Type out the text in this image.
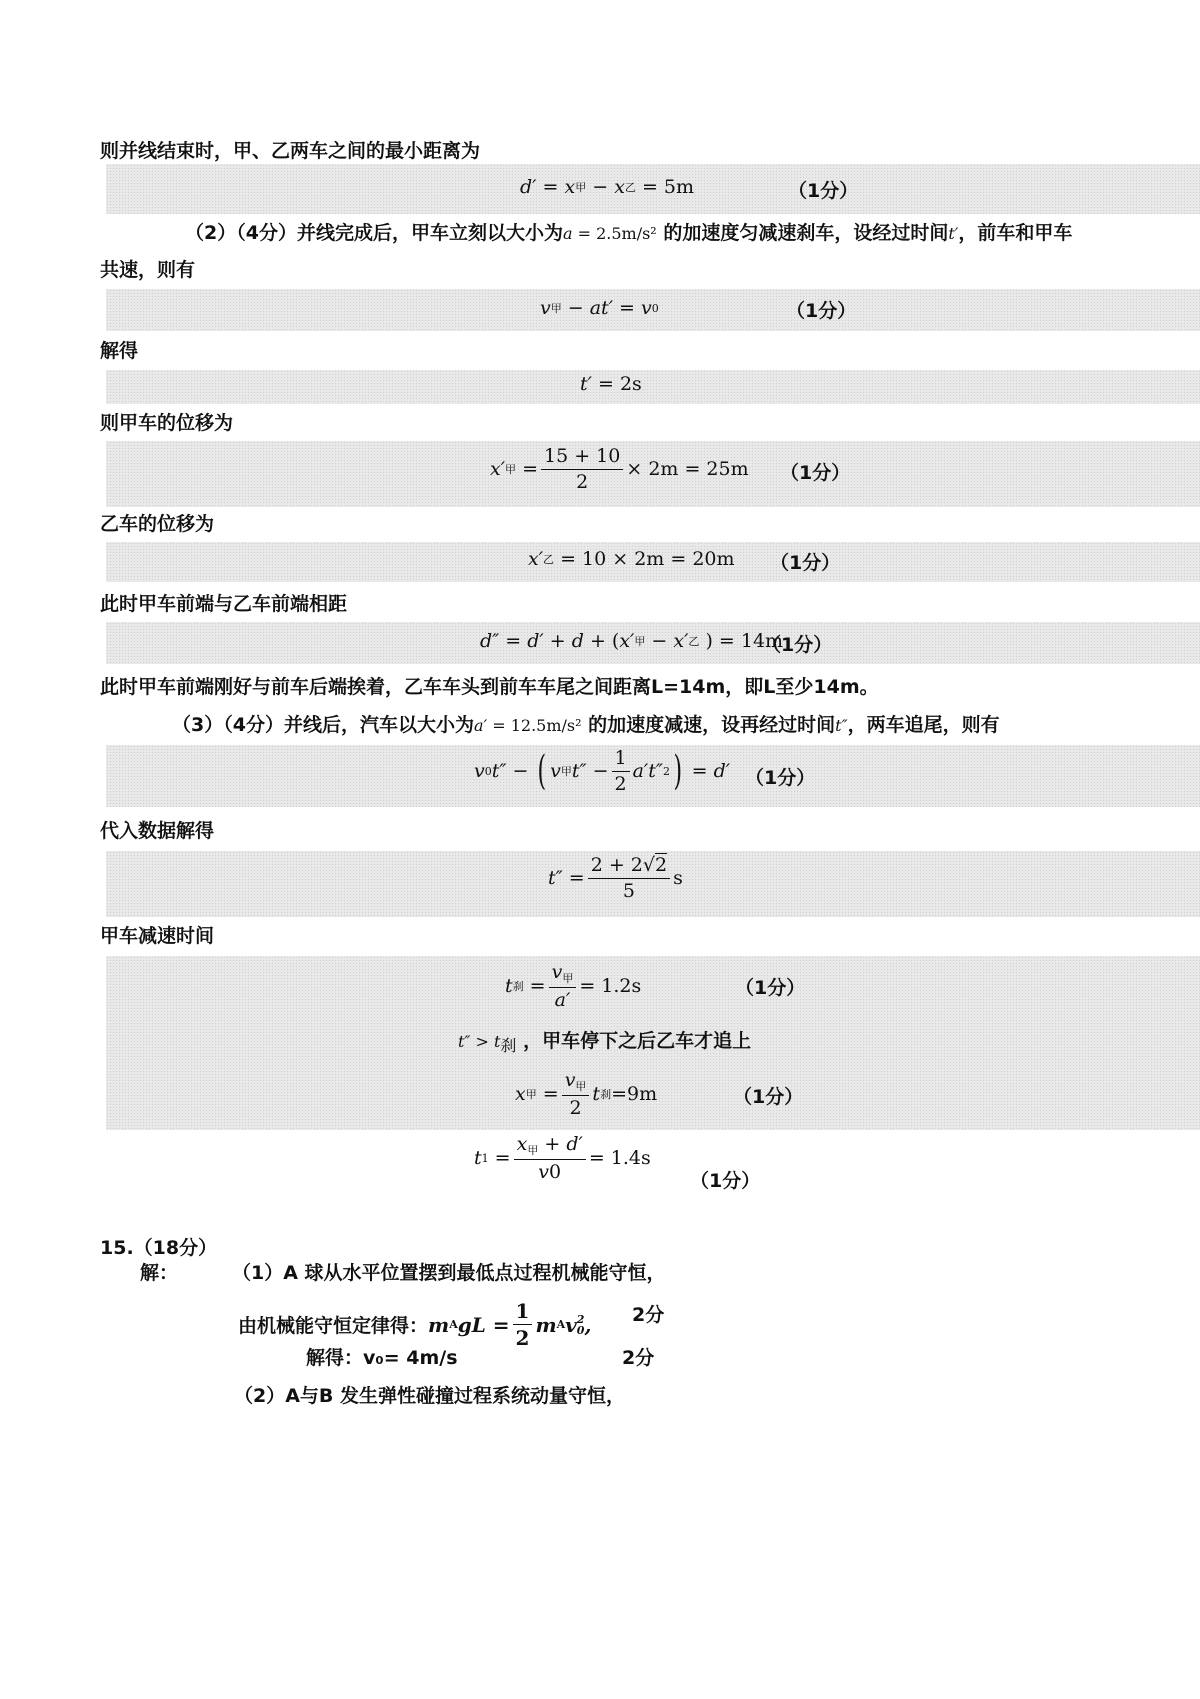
则并线结束时，甲、乙两车之间的最小距离为
d′ = x 甲 − x 乙
= 5m	（1分）
（2）（4分）并线完成后，甲车立刻以大小为a = 2.5m/s² 的加速度匀减速刹车，设经过时间t′，前车和甲车
共速，则有
v 甲 − at′ = v 0	（1分）
解得
t′
= 2s
则甲车的位移为
x′ 甲 = $\frac{15 + 10}{2} \times 2m = 25m$ （1分）
乙车的位移为
x′ 乙
= 10 × 2m = 20m （1分）
此时甲车前端与乙车前端相距
d″ = d′ + d + ( x′ 甲 − x′ 乙
) = 14m
（1分）
此时甲车前端刚好与前车后端挨着，乙车车头到前车车尾之间距离L=14m，即L至少14m。
（3）（4分）并线后，汽车以大小为a′ = 12.5m/s² 的加速度减速，设再经过时间t″，两车追尾，则有
v 0 t″ − ( v 甲 $t'' - \frac{1}{2} a't''$ 2 ) = d′ （1分）
代入数据解得
$t'' = \frac{2 + 2√2}{5}$ s
甲车减速时间
t 刹 = $\frac{v_甲}{a'} = 1.2s$	（1分）
$t'' > t_刹$ ，甲车停下之后乙车才追上
x 甲 = $\frac{v_甲}{2}$ t 刹 =9m	（1分）
t $1 = \frac{x_甲 + d'}{v0} = 1.4s$
（1分）
15.（18分）
解：	（1）A 球从水平位置摆到最低点过程机械能守恒，
由机械能守恒定律得： m A gL = $\frac{1}{2}$ m A v 2
0 , 2分
解得：v₀= 4m/s	2分
（2）A与B 发生弹性碰撞过程系统动量守恒，
